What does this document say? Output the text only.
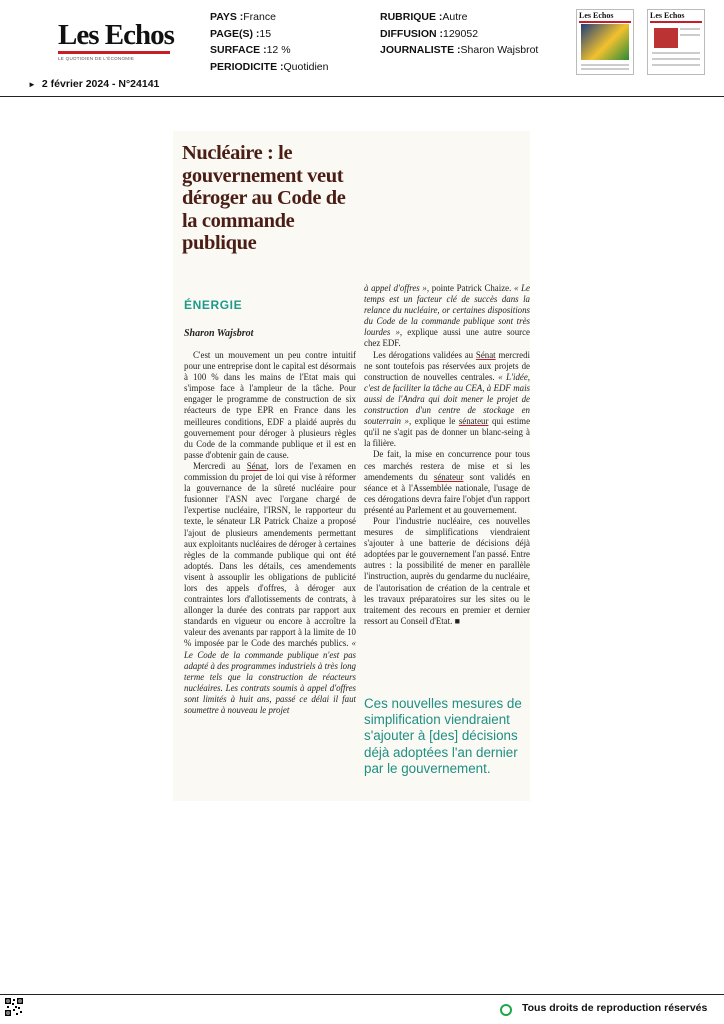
Les Echos
LE QUOTIDIEN DE L'ÉCONOMIE
PAYS :France
PAGE(S) :15
SURFACE :12 %
PERIODICITE :Quotidien
RUBRIQUE :Autre
DIFFUSION :129052
JOURNALISTE :Sharon Wajsbrot
Les Echos	Les Echos
► 2 février 2024 - N°24141
Nucléaire : le gouvernement veut déroger au Code de la commande publique
ÉNERGIE
Sharon Wajsbrot

C'est un mouvement un peu contre intuitif pour une entreprise dont le capital est désormais à 100 % dans les mains de l'Etat mais qui s'impose face à l'ampleur de la tâche. Pour engager le programme de construction de six réacteurs de type EPR en France dans les meilleures conditions, EDF a plaidé auprès du gouvernement pour déroger à plusieurs règles du Code de la commande publique et il est en passe d'obtenir gain de cause.

Mercredi au Sénat, lors de l'examen en commission du projet de loi qui vise à réformer la gouvernance de la sûreté nucléaire pour fusionner l'ASN avec l'organe chargé de l'expertise nucléaire, l'IRSN, le rapporteur du texte, le sénateur LR Patrick Chaize a proposé l'ajout de plusieurs amendements permettant aux exploitants nucléaires de déroger à certaines règles de la commande publique qui ont été adoptés. Dans les détails, ces amendements visent à assouplir les obligations de publicité lors des appels d'offres, à déroger aux contraintes lors d'allotissements de contrats, à allonger la durée des contrats par rapport aux standards en vigueur ou encore à accroître la valeur des avenants par rapport à la limite de 10 % imposée par le Code des marchés publics. « Le Code de la commande publique n'est pas adapté à des programmes industriels à très long terme tels que la construction de réacteurs nucléaires. Les contrats soumis à appel d'offres sont limités à huit ans, passé ce délai il faut soumettre à nouveau le projet

à appel d'offres », pointe Patrick Chaize. « Le temps est un facteur clé de succès dans la relance du nucléaire, or certaines dispositions du Code de la commande publique sont très lourdes », explique aussi une autre source chez EDF.

Les dérogations validées au Sénat mercredi ne sont toutefois pas réservées aux projets de construction de nouvelles centrales. « L'idée, c'est de faciliter la tâche au CEA, à EDF mais aussi de l'Andra qui doit mener le projet de construction d'un centre de stockage en souterrain », explique le sénateur qui estime qu'il ne s'agit pas de donner un blanc-seing à la filière.

De fait, la mise en concurrence pour tous ces marchés restera de mise et si les amendements du sénateur sont validés en séance et à l'Assemblée nationale, l'usage de ces dérogations devra faire l'objet d'un rapport présenté au Parlement et au gouvernement.

Pour l'industrie nucléaire, ces nouvelles mesures de simplifications viendraient s'ajouter à une batterie de décisions déjà adoptées par le gouvernement l'an passé. Entre autres : la possibilité de mener en parallèle l'instruction, auprès du gendarme du nucléaire, de l'autorisation de création de la centrale et les travaux préparatoires sur les sites ou le traitement des recours en premier et dernier ressort au Conseil d'Etat. ■

Ces nouvelles mesures de simplification viendraient s'ajouter à [des] décisions déjà adoptées l'an dernier par le gouvernement.
Tous droits de reproduction réservés
